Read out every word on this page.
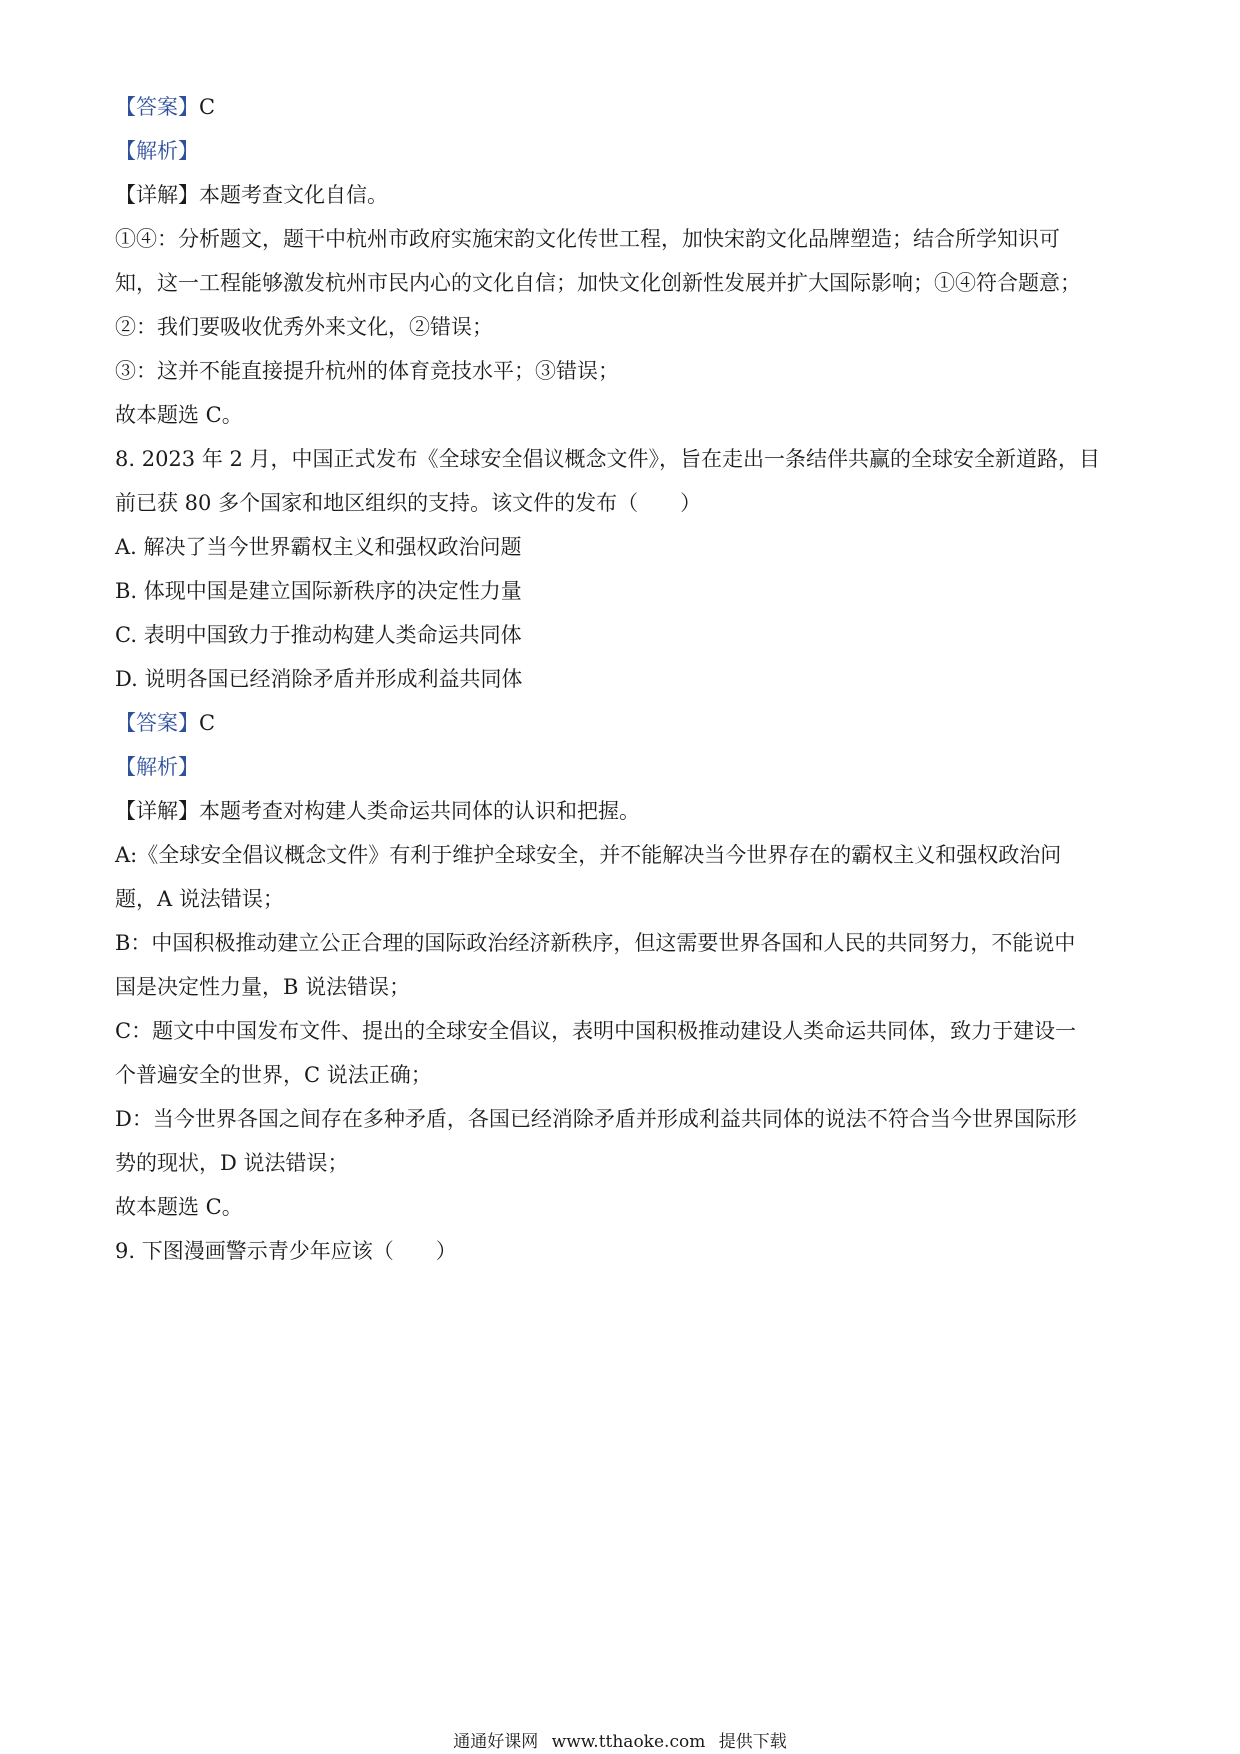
【答案】C
【解析】
【详解】本题考查文化自信。
①④：分析题文，题干中杭州市政府实施宋韵文化传世工程，加快宋韵文化品牌塑造；结合所学知识可
知，这一工程能够激发杭州市民内心的文化自信；加快文化创新性发展并扩大国际影响；①④符合题意；
②：我们要吸收优秀外来文化，②错误；
③：这并不能直接提升杭州的体育竞技水平；③错误；
故本题选 C。
8. 2023 年 2 月，中国正式发布《全球安全倡议概念文件》，旨在走出一条结伴共赢的全球安全新道路，目
前已获 80 多个国家和地区组织的支持。该文件的发布（　　）
A. 解决了当今世界霸权主义和强权政治问题
B. 体现中国是建立国际新秩序的决定性力量
C. 表明中国致力于推动构建人类命运共同体
D. 说明各国已经消除矛盾并形成利益共同体
【答案】C
【解析】
【详解】本题考查对构建人类命运共同体的认识和把握。
A:《全球安全倡议概念文件》有利于维护全球安全，并不能解决当今世界存在的霸权主义和强权政治问
题，A 说法错误；
B：中国积极推动建立公正合理的国际政治经济新秩序，但这需要世界各国和人民的共同努力，不能说中
国是决定性力量，B 说法错误；
C：题文中中国发布文件、提出的全球安全倡议，表明中国积极推动建设人类命运共同体，致力于建设一
个普遍安全的世界，C 说法正确；
D：当今世界各国之间存在多种矛盾，各国已经消除矛盾并形成利益共同体的说法不符合当今世界国际形
势的现状，D 说法错误；
故本题选 C。
9. 下图漫画警示青少年应该（　　）
通通好课网 www.tthaoke.com 提供下载
